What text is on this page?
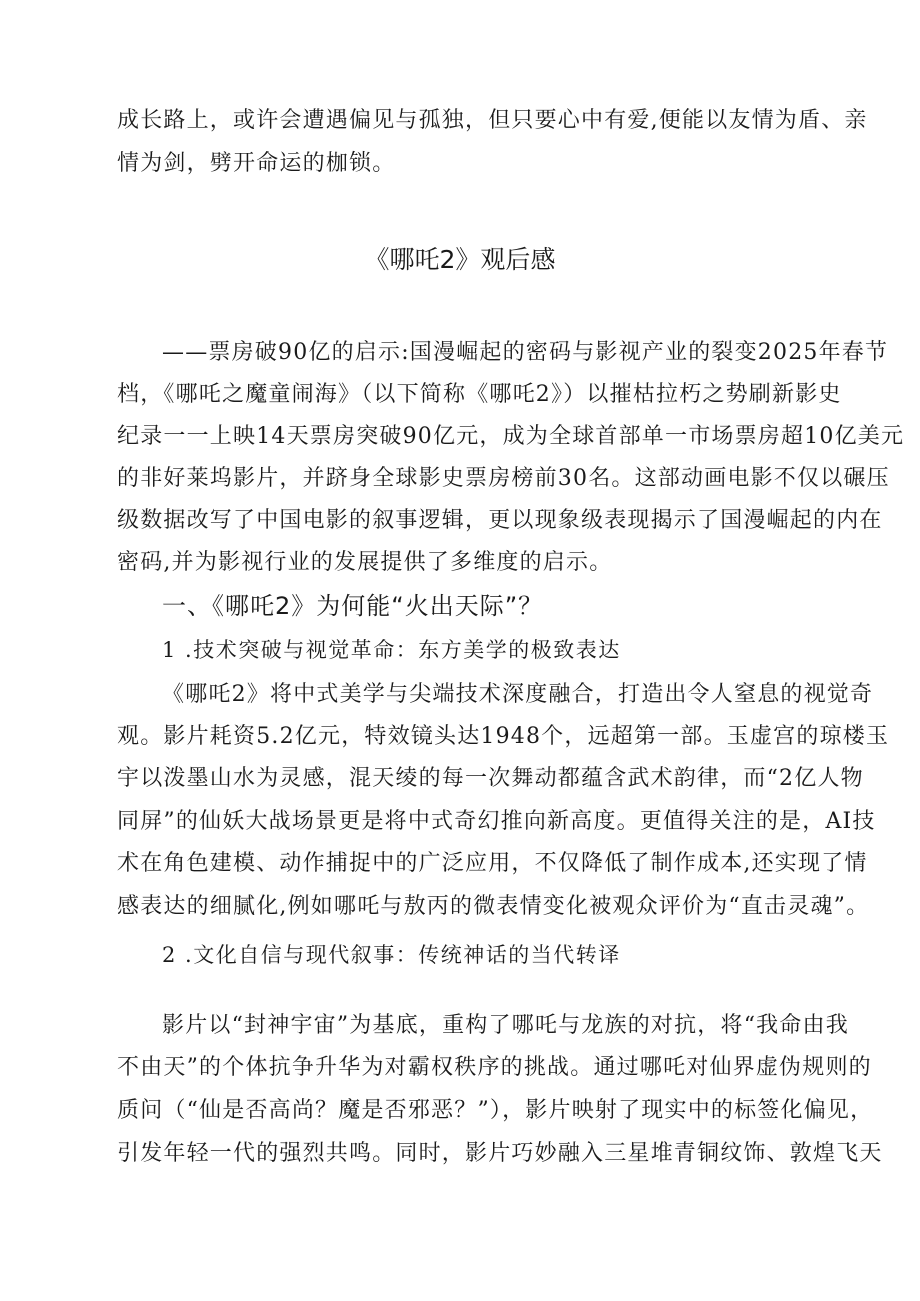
成长路上，或许会遭遇偏见与孤独，但只要心中有爱,便能以友情为盾、亲
情为剑，劈开命运的枷锁。
《哪吒2》观后感
——票房破90亿的启示:国漫崛起的密码与影视产业的裂变2025年春节
档，《哪吒之魔童闹海》（以下简称《哪吒2》）以摧枯拉朽之势刷新影史
纪录一一上映14天票房突破90亿元，成为全球首部单一市场票房超10亿美元
的非好莱坞影片，并跻身全球影史票房榜前30名。这部动画电影不仅以碾压
级数据改写了中国电影的叙事逻辑，更以现象级表现揭示了国漫崛起的内在
密码,并为影视行业的发展提供了多维度的启示。
一、《哪吒2》为何能“火出天际”？
1 .技术突破与视觉革命：东方美学的极致表达
《哪吒2》将中式美学与尖端技术深度融合，打造出令人窒息的视觉奇
观。影片耗资5.2亿元，特效镜头达1948个，远超第一部。玉虚宫的琼楼玉
宇以泼墨山水为灵感，混天绫的每一次舞动都蕴含武术韵律，而“2亿人物
同屏”的仙妖大战场景更是将中式奇幻推向新高度。更值得关注的是，AI技
术在角色建模、动作捕捉中的广泛应用，不仅降低了制作成本,还实现了情
感表达的细腻化,例如哪吒与敖丙的微表情变化被观众评价为“直击灵魂”。
2 .文化自信与现代叙事：传统神话的当代转译
影片以“封神宇宙”为基底，重构了哪吒与龙族的对抗，将“我命由我
不由天”的个体抗争升华为对霸权秩序的挑战。通过哪吒对仙界虚伪规则的
质问（“仙是否高尚？魔是否邪恶？”），影片映射了现实中的标签化偏见，
引发年轻一代的强烈共鸣。同时，影片巧妙融入三星堆青铜纹饰、敦煌飞天
